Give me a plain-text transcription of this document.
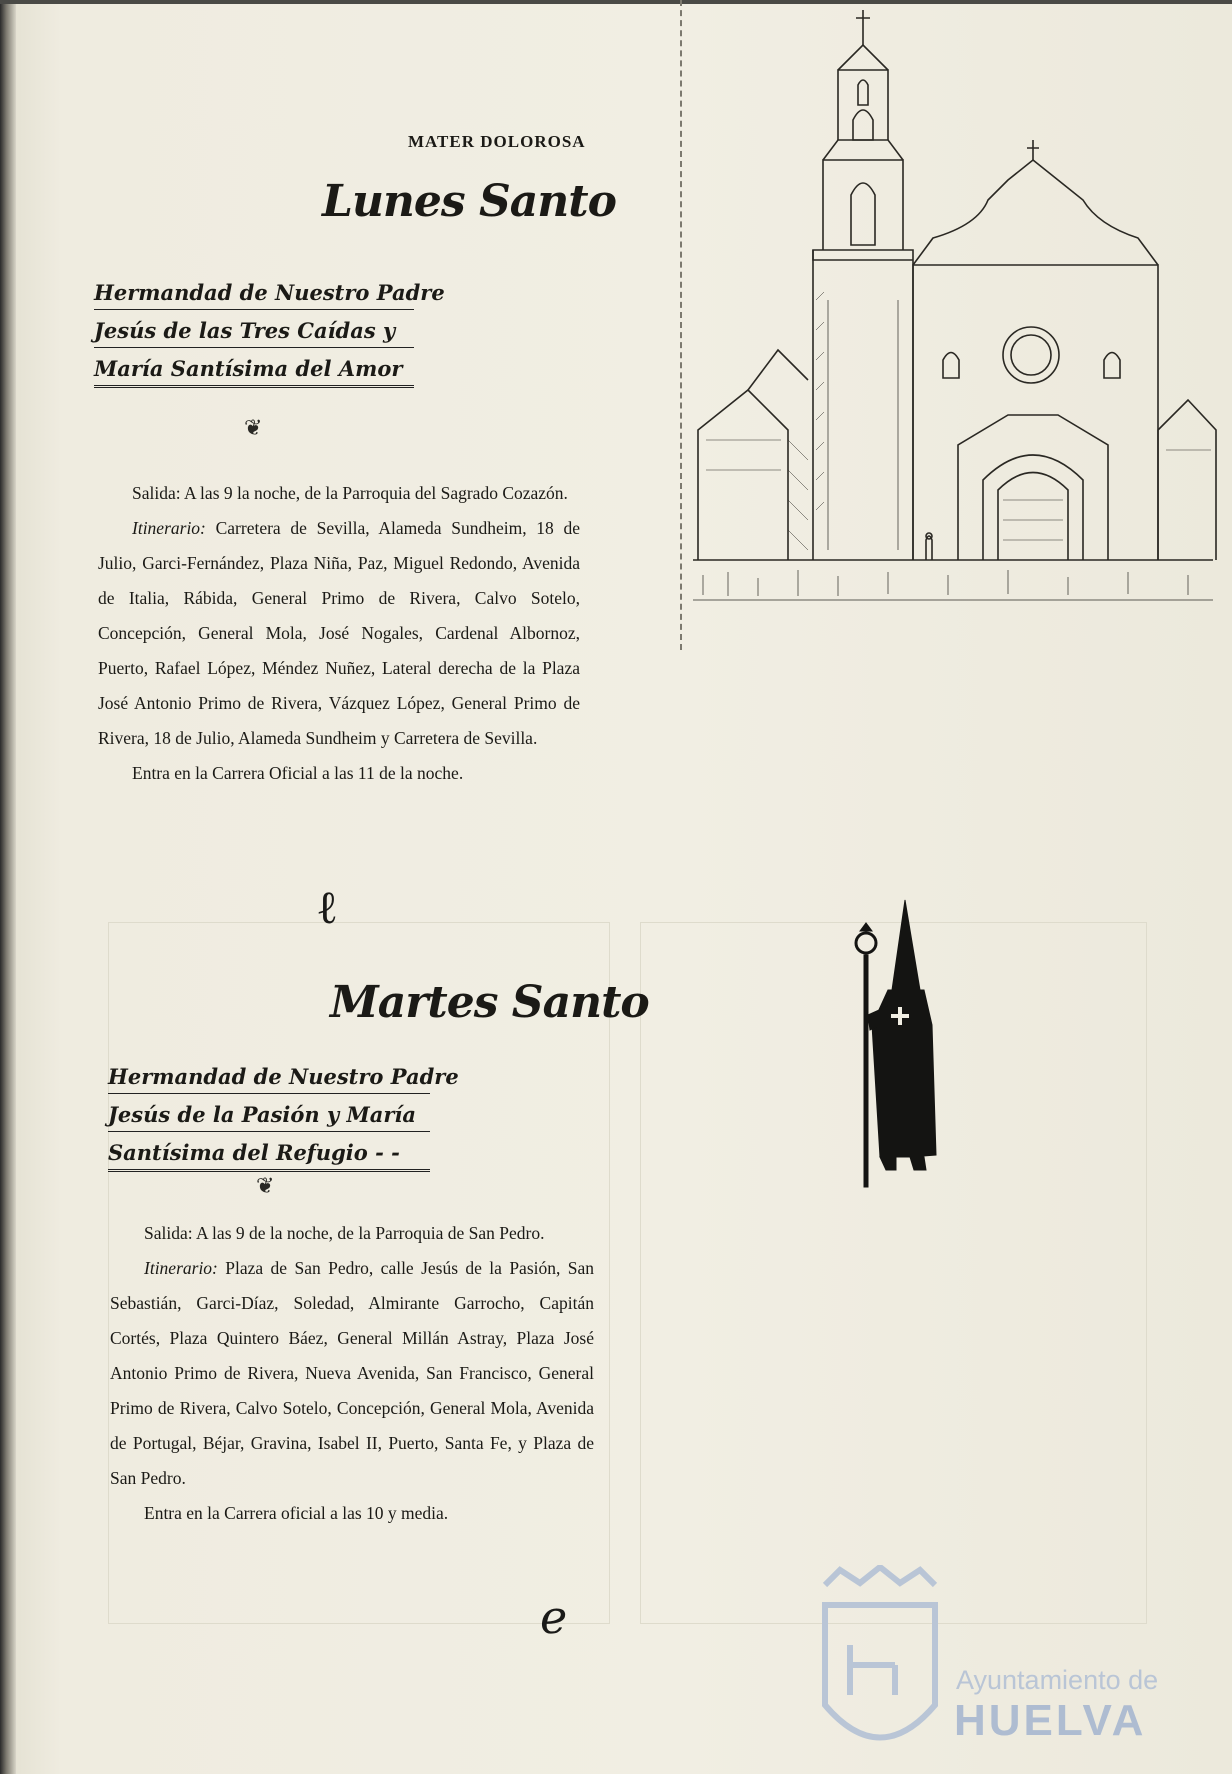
MATER DOLOROSA
Lunes Santo
Hermandad de Nuestro Padre
Jesús de las Tres Caídas y
María Santísima del Amor
❦

Salida: A las 9 la noche, de la Parroquia del Sagrado Cozazón.

Itinerario: Carretera de Sevilla, Alameda Sundheim, 18 de Julio, Garci-Fernández, Plaza Niña, Paz, Miguel Redondo, Avenida de Italia, Rábida, General Primo de Rivera, Calvo Sotelo, Concepción, General Mola, José Nogales, Cardenal Albornoz, Puerto, Rafael López, Méndez Nuñez, Lateral derecha de la Plaza José Antonio Primo de Rivera, Vázquez López, General Primo de Rivera, 18 de Julio, Alameda Sundheim y Carretera de Sevilla.

Entra en la Carrera Oficial a las 11 de la noche.

ℓ
Martes Santo
Hermandad de Nuestro Padre
Jesús de la Pasión y María
Santísima del Refugio - -
❦

Salida: A las 9 de la noche, de la Parroquia de San Pedro.

Itinerario: Plaza de San Pedro, calle Jesús de la Pasión, San Sebastián, Garci-Díaz, Soledad, Almirante Garrocho, Capitán Cortés, Plaza Quintero Báez, General Millán Astray, Plaza José Antonio Primo de Rivera, Nueva Avenida, San Francisco, General Primo de Rivera, Calvo Sotelo, Concepción, General Mola, Avenida de Portugal, Béjar, Gravina, Isabel II, Puerto, Santa Fe, y Plaza de San Pedro.

Entra en la Carrera oficial a las 10 y media.

ℯ
Ayuntamiento de
HUELVA
